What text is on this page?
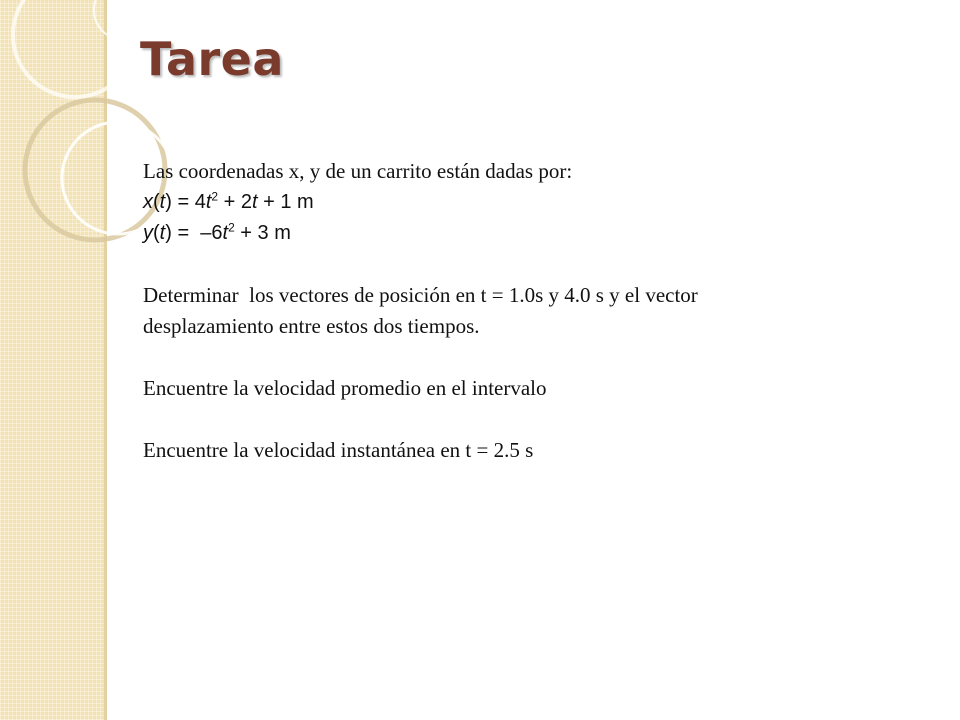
Tarea
Las coordenadas x, y de un carrito están dadas por:
$x(t) = 4t^2 + 2t + 1$ m
$y(t) = -6t^2 + 3$ m
Determinar  los vectores de posición en t = 1.0s y 4.0 s y el vector
desplazamiento entre estos dos tiempos.
Encuentre la velocidad promedio en el intervalo
Encuentre la velocidad instantánea en t = 2.5 s
